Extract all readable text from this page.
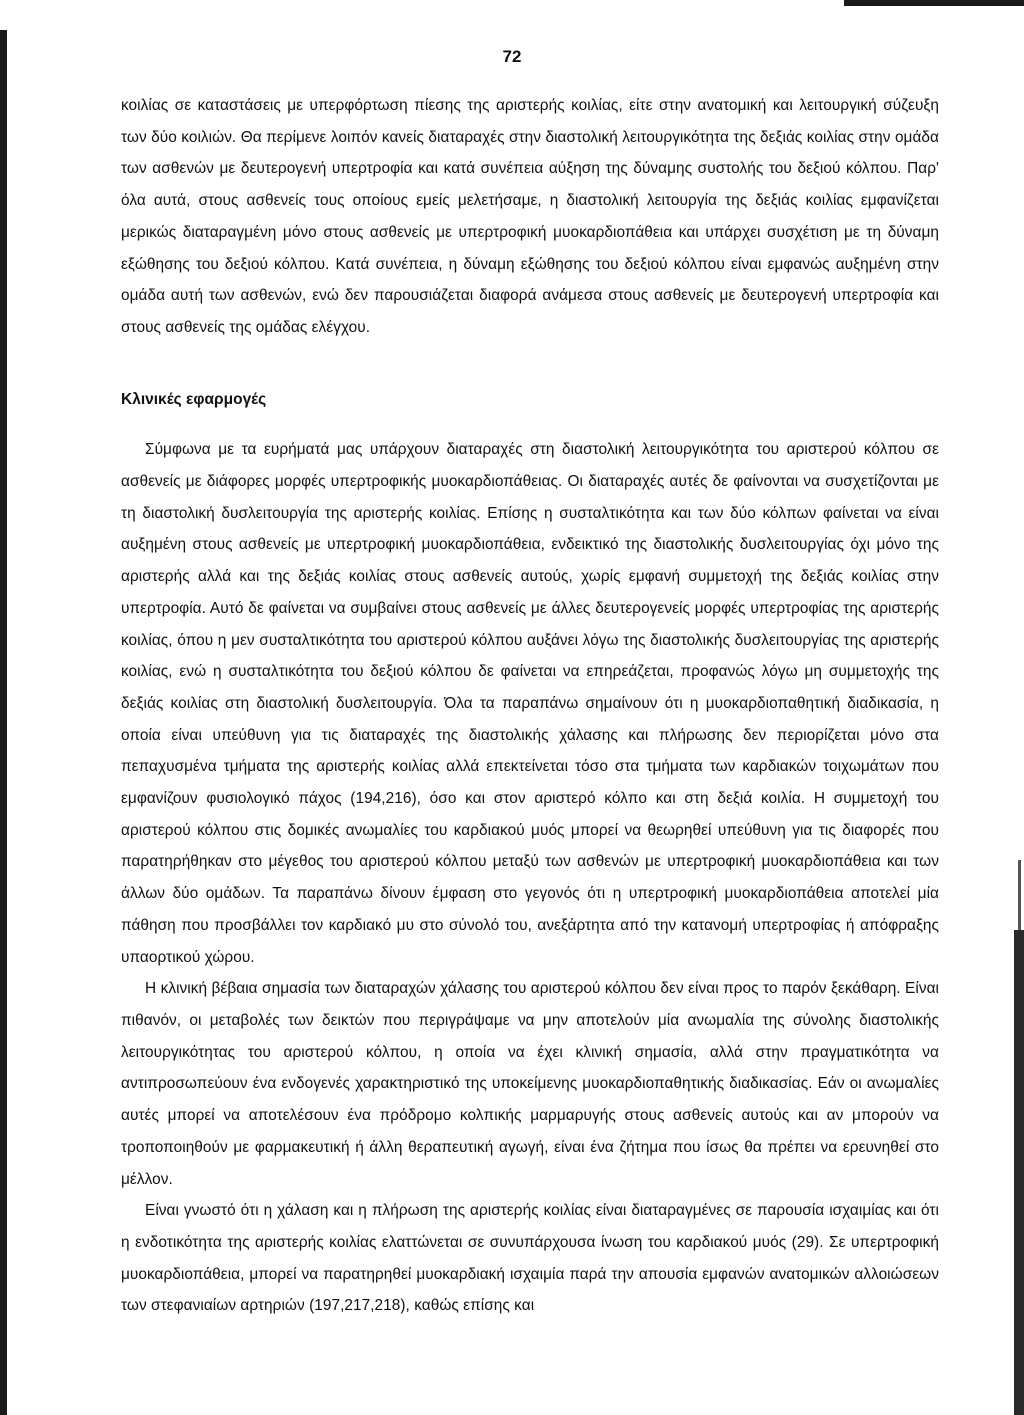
72

κοιλίας σε καταστάσεις με υπερφόρτωση πίεσης της αριστερής κοιλίας, είτε στην ανατομική και λειτουργική σύζευξη των δύο κοιλιών. Θα περίμενε λοιπόν κανείς διαταραχές στην διαστολική λειτουργικότητα της δεξιάς κοιλίας στην ομάδα των ασθενών με δευτερογενή υπερτροφία και κατά συνέπεια αύξηση της δύναμης συστολής του δεξιού κόλπου. Παρ' όλα αυτά, στους ασθενείς τους οποίους εμείς μελετήσαμε, η διαστολική λειτουργία της δεξιάς κοιλίας εμφανίζεται μερικώς διαταραγμένη μόνο στους ασθενείς με υπερτροφική μυοκαρδιοπάθεια και υπάρχει συσχέτιση με τη δύναμη εξώθησης του δεξιού κόλπου. Κατά συνέπεια, η δύναμη εξώθησης του δεξιού κόλπου είναι εμφανώς αυξημένη στην ομάδα αυτή των ασθενών, ενώ δεν παρουσιάζεται διαφορά ανάμεσα στους ασθενείς με δευτερογενή υπερτροφία και στους ασθενείς της ομάδας ελέγχου.

Κλινικές εφαρμογές

Σύμφωνα με τα ευρήματά μας υπάρχουν διαταραχές στη διαστολική λειτουργικότητα του αριστερού κόλπου σε ασθενείς με διάφορες μορφές υπερτροφικής μυοκαρδιοπάθειας. Οι διαταραχές αυτές δε φαίνονται να συσχετίζονται με τη διαστολική δυσλειτουργία της αριστερής κοιλίας. Επίσης η συσταλτικότητα και των δύο κόλπων φαίνεται να είναι αυξημένη στους ασθενείς με υπερτροφική μυοκαρδιοπάθεια, ενδεικτικό της διαστολικής δυσλειτουργίας όχι μόνο της αριστερής αλλά και της δεξιάς κοιλίας στους ασθενείς αυτούς, χωρίς εμφανή συμμετοχή της δεξιάς κοιλίας στην υπερτροφία. Αυτό δε φαίνεται να συμβαίνει στους ασθενείς με άλλες δευτερογενείς μορφές υπερτροφίας της αριστερής κοιλίας, όπου η μεν συσταλτικότητα του αριστερού κόλπου αυξάνει λόγω της διαστολικής δυσλειτουργίας της αριστερής κοιλίας, ενώ η συσταλτικότητα του δεξιού κόλπου δε φαίνεται να επηρεάζεται, προφανώς λόγω μη συμμετοχής της δεξιάς κοιλίας στη διαστολική δυσλειτουργία. Όλα τα παραπάνω σημαίνουν ότι η μυοκαρδιοπαθητική διαδικασία, η οποία είναι υπεύθυνη για τις διαταραχές της διαστολικής χάλασης και πλήρωσης δεν περιορίζεται μόνο στα πεπαχυσμένα τμήματα της αριστερής κοιλίας αλλά επεκτείνεται τόσο στα τμήματα των καρδιακών τοιχωμάτων που εμφανίζουν φυσιολογικό πάχος (194,216), όσο και στον αριστερό κόλπο και στη δεξιά κοιλία. Η συμμετοχή του αριστερού κόλπου στις δομικές ανωμαλίες του καρδιακού μυός μπορεί να θεωρηθεί υπεύθυνη για τις διαφορές που παρατηρήθηκαν στο μέγεθος του αριστερού κόλπου μεταξύ των ασθενών με υπερτροφική μυοκαρδιοπάθεια και των άλλων δύο ομάδων. Τα παραπάνω δίνουν έμφαση στο γεγονός ότι η υπερτροφική μυοκαρδιοπάθεια αποτελεί μία πάθηση που προσβάλλει τον καρδιακό μυ στο σύνολό του, ανεξάρτητα από την κατανομή υπερτροφίας ή απόφραξης υπαορτικού χώρου.

Η κλινική βέβαια σημασία των διαταραχών χάλασης του αριστερού κόλπου δεν είναι προς το παρόν ξεκάθαρη. Είναι πιθανόν, οι μεταβολές των δεικτών που περιγράψαμε να μην αποτελούν μία ανωμαλία της σύνολης διαστολικής λειτουργικότητας του αριστερού κόλπου, η οποία να έχει κλινική σημασία, αλλά στην πραγματικότητα να αντιπροσωπεύουν ένα ενδογενές χαρακτηριστικό της υποκείμενης μυοκαρδιοπαθητικής διαδικασίας. Εάν οι ανωμαλίες αυτές μπορεί να αποτελέσουν ένα πρόδρομο κολπικής μαρμαρυγής στους ασθενείς αυτούς και αν μπορούν να τροποποιηθούν με φαρμακευτική ή άλλη θεραπευτική αγωγή, είναι ένα ζήτημα που ίσως θα πρέπει να ερευνηθεί στο μέλλον.

Είναι γνωστό ότι η χάλαση και η πλήρωση της αριστερής κοιλίας είναι διαταραγμένες σε παρουσία ισχαιμίας και ότι η ενδοτικότητα της αριστερής κοιλίας ελαττώνεται σε συνυπάρχουσα ίνωση του καρδιακού μυός (29). Σε υπερτροφική μυοκαρδιοπάθεια, μπορεί να παρατηρηθεί μυοκαρδιακή ισχαιμία παρά την απουσία εμφανών ανατομικών αλλοιώσεων των στεφανιαίων αρτηριών (197,217,218), καθώς επίσης και
